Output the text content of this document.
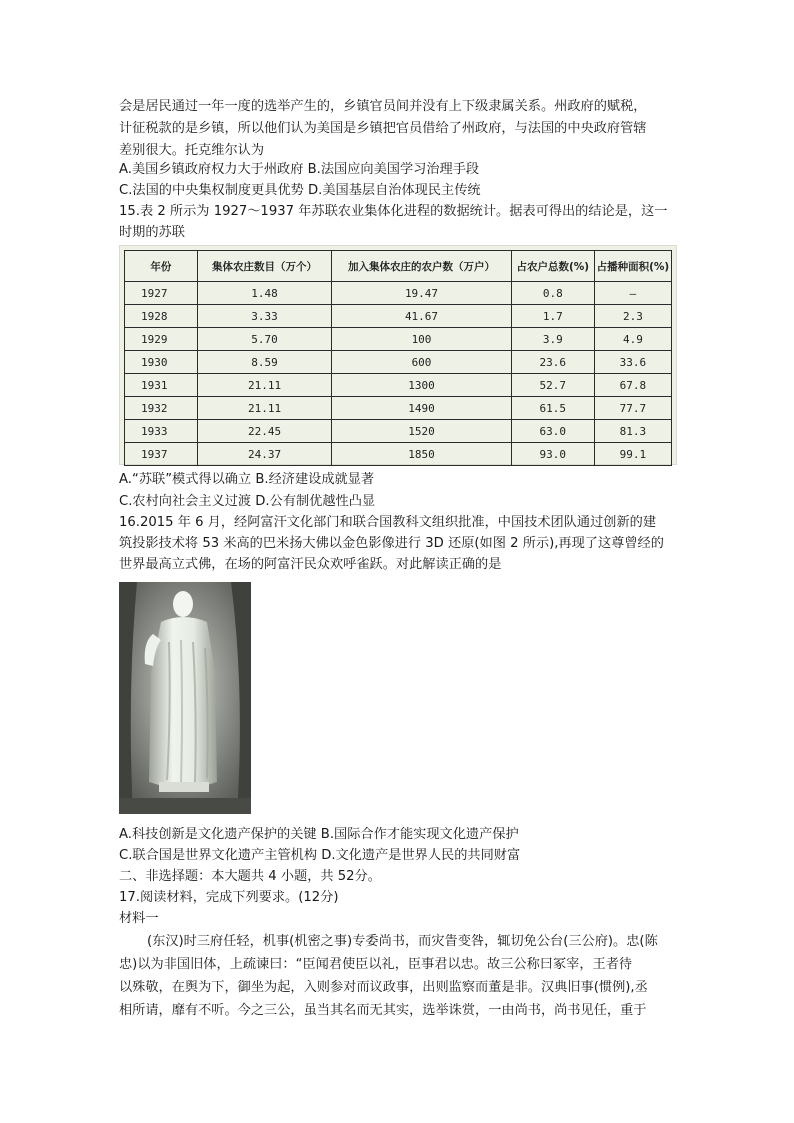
会是居民通过一年一度的选举产生的，乡镇官员间并没有上下级隶属关系。州政府的赋税，
计征税款的是乡镇，所以他们认为美国是乡镇把官员借给了州政府，与法国的中央政府管辖
差别很大。托克维尔认为
A.美国乡镇政府权力大于州政府 B.法国应向美国学习治理手段
C.法国的中央集权制度更具优势 D.美国基层自治体现民主传统
15.表 2 所示为 1927～1937 年苏联农业集体化进程的数据统计。据表可得出的结论是，这一
时期的苏联
年份	集体农庄数目（万个）	加入集体农庄的农户数（万户）	占农户总数(%)	占播种面积(%)
1927	1.48	19.47	0.8	—
1928	3.33	41.67	1.7	2.3
1929	5.70	100	3.9	4.9
1930	8.59	600	23.6	33.6
1931	21.11	1300	52.7	67.8
1932	21.11	1490	61.5	77.7
1933	22.45	1520	63.0	81.3
1937	24.37	1850	93.0	99.1
A.“苏联”模式得以确立 B.经济建设成就显著
C.农村向社会主义过渡 D.公有制优越性凸显
16.2015 年 6 月，经阿富汗文化部门和联合国教科文组织批准，中国技术团队通过创新的建
筑投影技术将 53 米高的巴米扬大佛以金色影像进行 3D 还原(如图 2 所示),再现了这尊曾经的
世界最高立式佛，在场的阿富汗民众欢呼雀跃。对此解读正确的是
A.科技创新是文化遗产保护的关键 B.国际合作才能实现文化遗产保护
C.联合国是世界文化遗产主管机构 D.文化遗产是世界人民的共同财富
二、非选择题：本大题共 4 小题，共 52分。
17.阅读材料，完成下列要求。(12分)
材料一
(东汉)时三府任轻，机事(机密之事)专委尚书，而灾眚变咎，辄切免公台(三公府)。忠(陈
忠)以为非国旧体，上疏谏曰：“臣闻君使臣以礼，臣事君以忠。故三公称曰冢宰，王者待
以殊敬，在舆为下，御坐为起，入则参对而议政事，出则监察而董是非。汉典旧事(惯例),丞
相所请，靡有不听。今之三公，虽当其名而无其实，选举诛赏，一由尚书，尚书见任，重于
